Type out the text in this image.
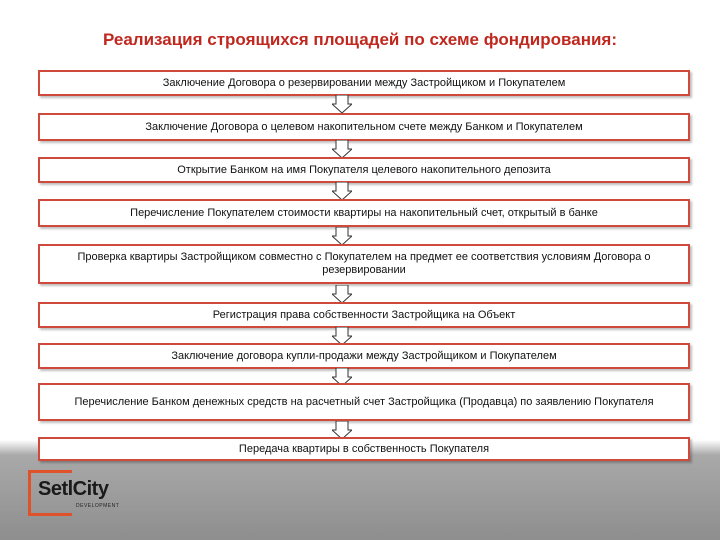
Реализация строящихся площадей по схеме фондирования:
Заключение Договора о резервировании между Застройщиком и Покупателем
Заключение Договора о целевом накопительном счете между Банком и Покупателем
Открытие Банком на имя Покупателя целевого накопительного депозита
Перечисление Покупателем стоимости квартиры на накопительный счет, открытый в банке
Проверка квартиры Застройщиком совместно с Покупателем на предмет ее соответствия условиям Договора о резервировании
Регистрация права собственности Застройщика на Объект
Заключение договора купли-продажи между Застройщиком и Покупателем
Перечисление Банком денежных средств на расчетный счет Застройщика (Продавца) по заявлению Покупателя
Передача квартиры в собственность Покупателя
SetlCity
DEVELOPMENT
